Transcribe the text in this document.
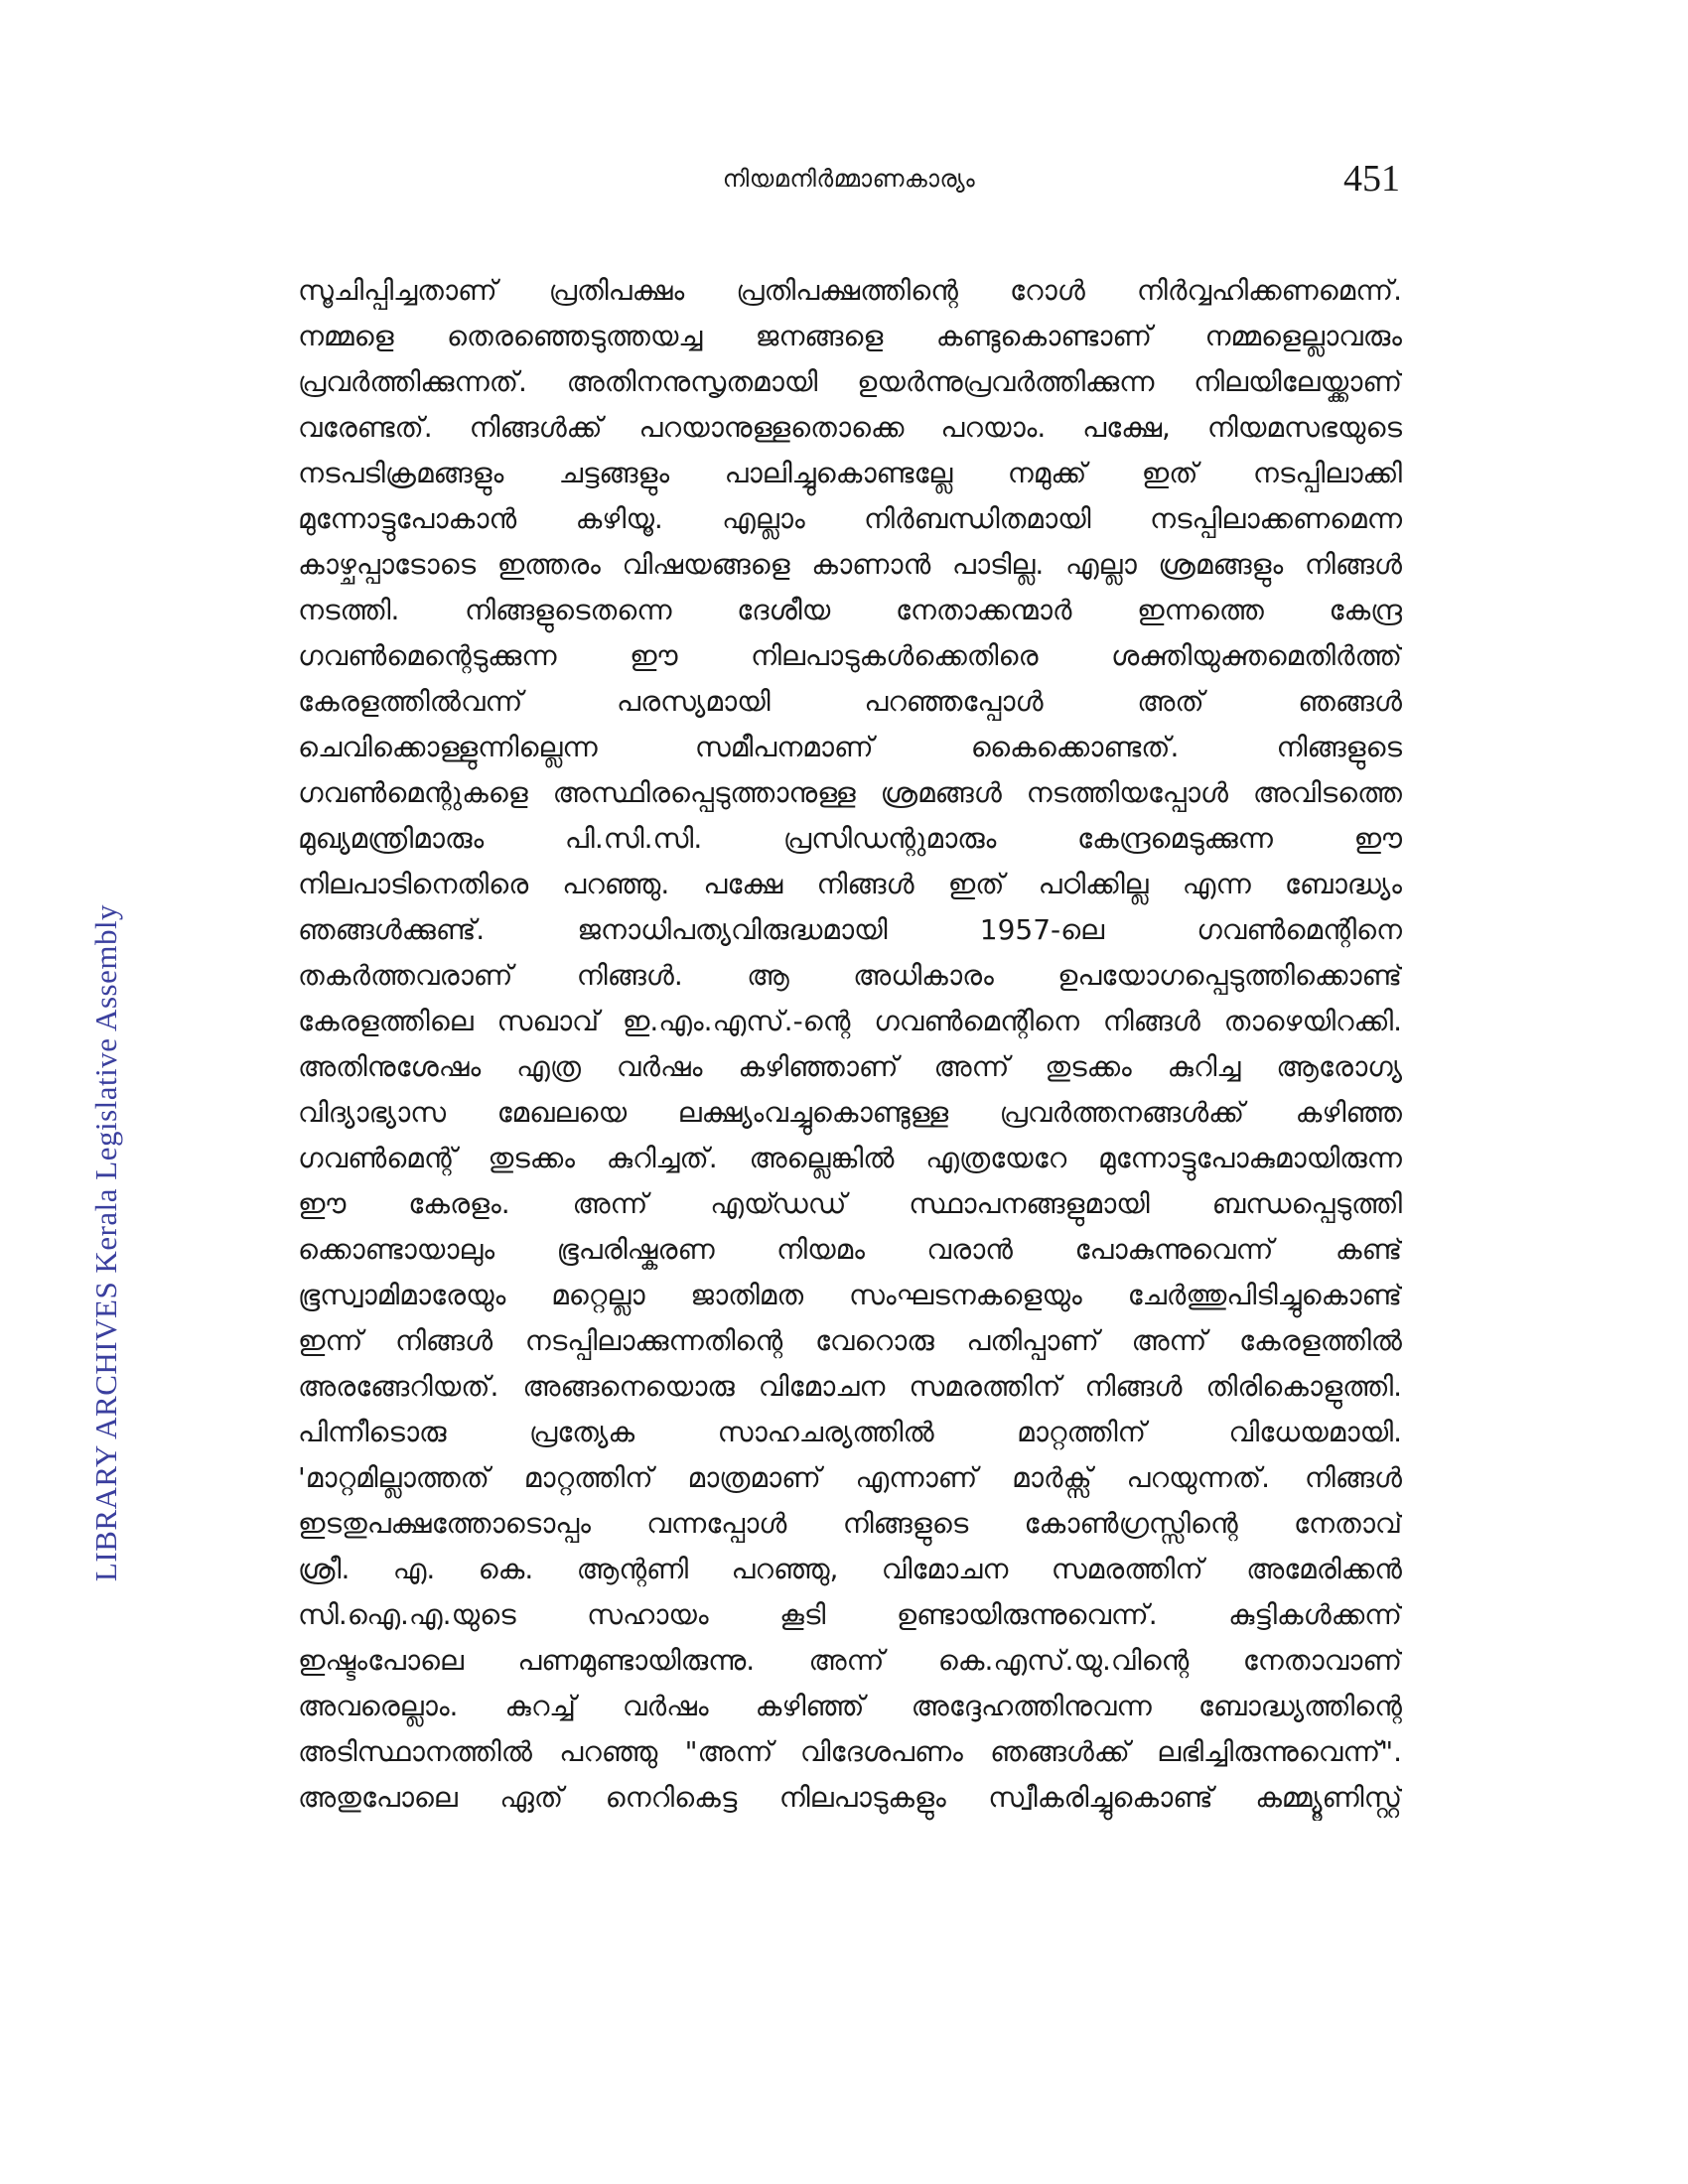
നിയമനിർമ്മാണകാര്യം	451
LIBRARY ARCHIVES Kerala Legislative Assembly
സൂചിപ്പിച്ചതാണ് പ്രതിപക്ഷം പ്രതിപക്ഷത്തിന്റെ റോൾ നിർവ്വഹിക്കണമെന്ന്.
നമ്മളെ തെരഞ്ഞെടുത്തയച്ച ജനങ്ങളെ കണ്ടുകൊണ്ടാണ് നമ്മളെല്ലാവരും
പ്രവർത്തിക്കുന്നത്. അതിനനുസൃതമായി ഉയർന്നുപ്രവർത്തിക്കുന്ന നിലയിലേയ്ക്കാണ്
വരേണ്ടത്. നിങ്ങൾക്ക് പറയാനുള്ളതൊക്കെ പറയാം. പക്ഷേ, നിയമസഭയുടെ
നടപടിക്രമങ്ങളും ചട്ടങ്ങളും പാലിച്ചുകൊണ്ടല്ലേ നമുക്ക് ഇത് നടപ്പിലാക്കി
മുന്നോട്ടുപോകാൻ കഴിയൂ. എല്ലാം നിർബന്ധിതമായി നടപ്പിലാക്കണമെന്ന
കാഴ്ചപ്പാടോടെ ഇത്തരം വിഷയങ്ങളെ കാണാൻ പാടില്ല. എല്ലാ ശ്രമങ്ങളും നിങ്ങൾ
നടത്തി. നിങ്ങളുടെതന്നെ ദേശീയ നേതാക്കന്മാർ ഇന്നത്തെ കേന്ദ്ര
ഗവൺമെന്റെടുക്കുന്ന ഈ നിലപാടുകൾക്കെതിരെ ശക്തിയുക്തമെതിർത്ത്
കേരളത്തിൽവന്ന് പരസ്യമായി പറഞ്ഞപ്പോൾ അത് ഞങ്ങൾ
ചെവിക്കൊള്ളുന്നില്ലെന്ന സമീപനമാണ് കൈക്കൊണ്ടത്. നിങ്ങളുടെ
ഗവൺമെന്റുകളെ അസ്ഥിരപ്പെടുത്താനുള്ള ശ്രമങ്ങൾ നടത്തിയപ്പോൾ അവിടത്തെ
മുഖ്യമന്ത്രിമാരും പി.സി.സി. പ്രസിഡന്റുമാരും കേന്ദ്രമെടുക്കുന്ന ഈ
നിലപാടിനെതിരെ പറഞ്ഞു. പക്ഷേ നിങ്ങൾ ഇത് പഠിക്കില്ല എന്ന ബോദ്ധ്യം
ഞങ്ങൾക്കുണ്ട്. ജനാധിപത്യവിരുദ്ധമായി 1957-ലെ ഗവൺമെന്റിനെ
തകർത്തവരാണ് നിങ്ങൾ. ആ അധികാരം ഉപയോഗപ്പെടുത്തിക്കൊണ്ട്
കേരളത്തിലെ സഖാവ് ഇ.എം.എസ്.-ന്റെ ഗവൺമെന്റിനെ നിങ്ങൾ താഴെയിറക്കി.
അതിനുശേഷം എത്ര വർഷം കഴിഞ്ഞാണ് അന്ന് തുടക്കം കുറിച്ച ആരോഗ്യ
വിദ്യാഭ്യാസ മേഖലയെ ലക്ഷ്യംവച്ചുകൊണ്ടുള്ള പ്രവർത്തനങ്ങൾക്ക് കഴിഞ്ഞ
ഗവൺമെന്റ് തുടക്കം കുറിച്ചത്. അല്ലെങ്കിൽ എത്രയേറേ മുന്നോട്ടുപോകുമായിരുന്ന
ഈ കേരളം. അന്ന് എയ്ഡഡ് സ്ഥാപനങ്ങളുമായി ബന്ധപ്പെടുത്തി
ക്കൊണ്ടായാലും ഭൂപരിഷ്കരണ നിയമം വരാൻ പോകുന്നുവെന്ന് കണ്ട്
ഭൂസ്വാമിമാരേയും മറ്റെല്ലാ ജാതിമത സംഘടനകളെയും ചേർത്തുപിടിച്ചുകൊണ്ട്
ഇന്ന് നിങ്ങൾ നടപ്പിലാക്കുന്നതിന്റെ വേറൊരു പതിപ്പാണ് അന്ന് കേരളത്തിൽ
അരങ്ങേറിയത്. അങ്ങനെയൊരു വിമോചന സമരത്തിന് നിങ്ങൾ തിരികൊളുത്തി.
പിന്നീടൊരു പ്രത്യേക സാഹചര്യത്തിൽ മാറ്റത്തിന് വിധേയമായി.
'മാറ്റമില്ലാത്തത് മാറ്റത്തിന് മാത്രമാണ് എന്നാണ് മാർക്സ് പറയുന്നത്. നിങ്ങൾ
ഇടതുപക്ഷത്തോടൊപ്പം വന്നപ്പോൾ നിങ്ങളുടെ കോൺഗ്രസ്സിന്റെ നേതാവ്
ശ്രീ. എ. കെ. ആന്റണി പറഞ്ഞു, വിമോചന സമരത്തിന് അമേരിക്കൻ
സി.ഐ.എ.യുടെ സഹായം കൂടി ഉണ്ടായിരുന്നുവെന്ന്. കുട്ടികൾക്കന്ന്
ഇഷ്ടംപോലെ പണമുണ്ടായിരുന്നു. അന്ന് കെ.എസ്.യു.വിന്റെ നേതാവാണ്
അവരെല്ലാം. കുറച്ച് വർഷം കഴിഞ്ഞ് അദ്ദേഹത്തിനുവന്ന ബോദ്ധ്യത്തിന്റെ
അടിസ്ഥാനത്തിൽ പറഞ്ഞു "അന്ന് വിദേശപണം ഞങ്ങൾക്ക് ലഭിച്ചിരുന്നുവെന്ന്".
അതുപോലെ ഏത് നെറികെട്ട നിലപാടുകളും സ്വീകരിച്ചുകൊണ്ട് കമ്മ്യൂണിസ്റ്റ്
